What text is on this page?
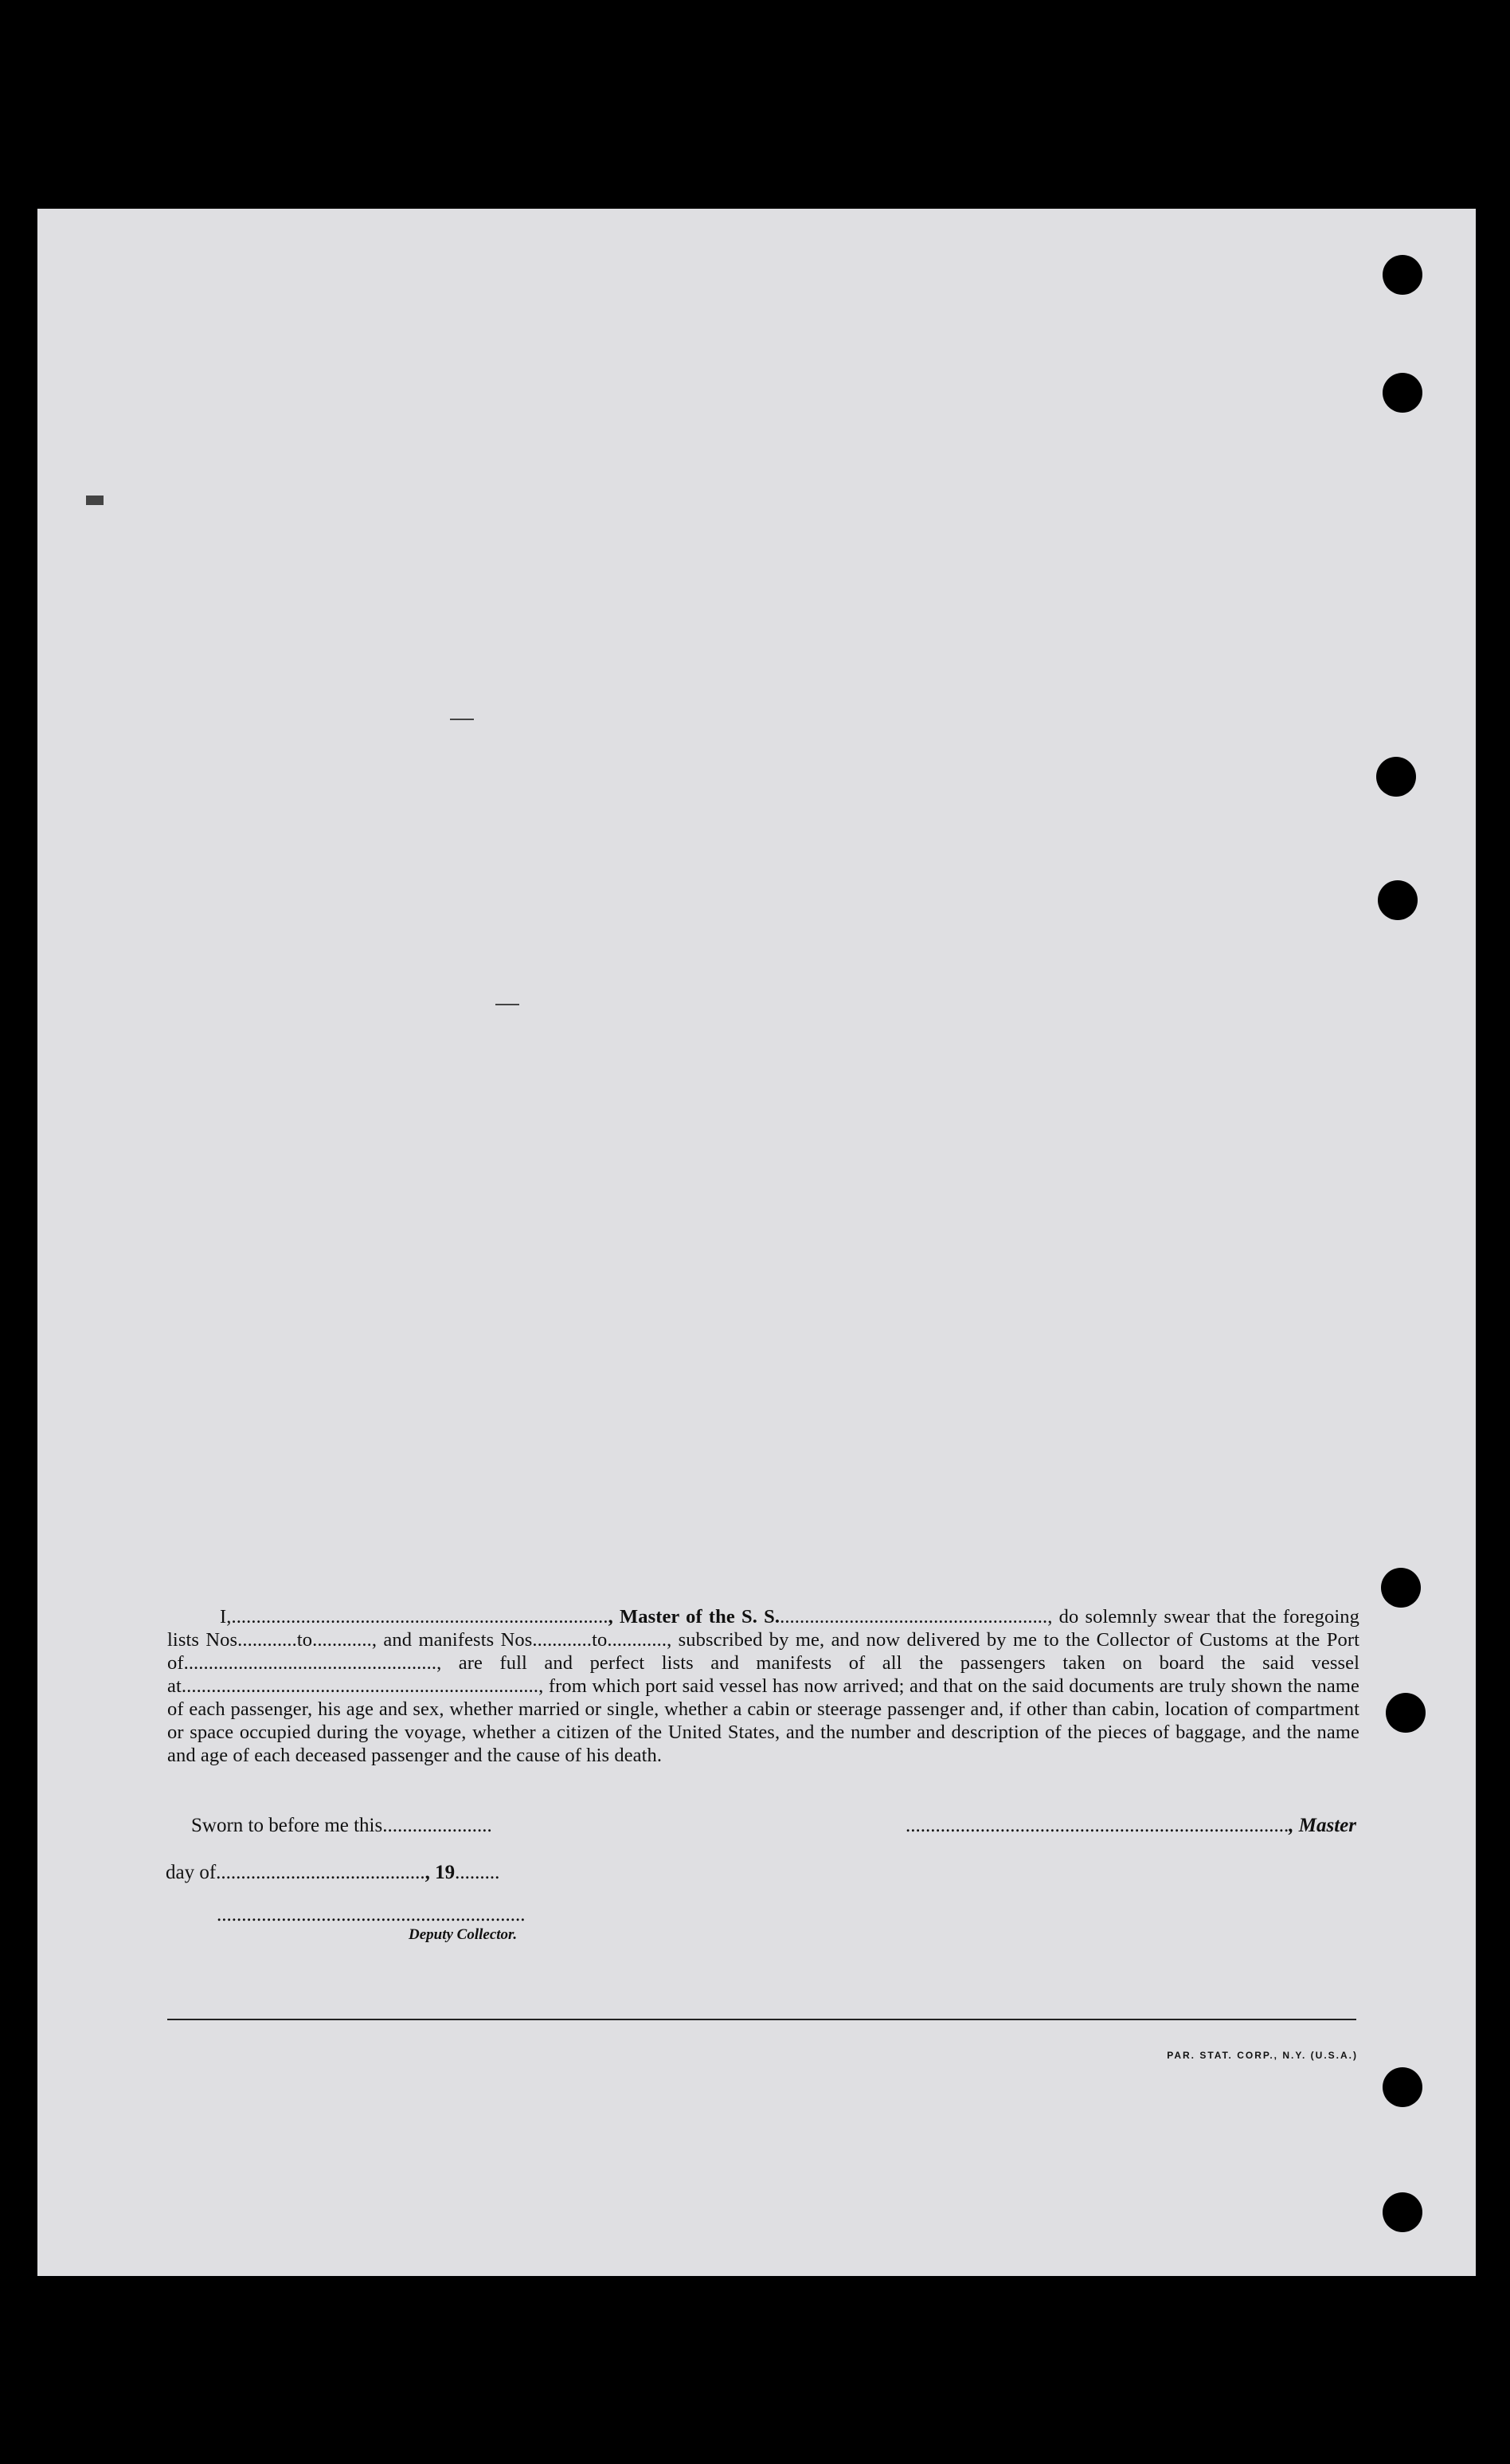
I,............................................................................, Master of the S. S......................................................., do solemnly swear that the foregoing lists Nos............to............, and manifests Nos............to............, subscribed by me, and now delivered by me to the Collector of Customs at the Port of..................................................., are full and perfect lists and manifests of all the passengers taken on board the said vessel at........................................................................, from which port said vessel has now arrived; and that on the said documents are truly shown the name of each passenger, his age and sex, whether married or single, whether a cabin or steerage passenger and, if other than cabin, location of compartment or space occupied during the voyage, whether a citizen of the United States, and the number and description of the pieces of baggage, and the name and age of each deceased passenger and the cause of his death.
Sworn to before me this......................	............................................................................., Master
day of.........................................., 19.........
..............................................................
Deputy Collector.
PAR. STAT. CORP., N.Y. (U.S.A.)
